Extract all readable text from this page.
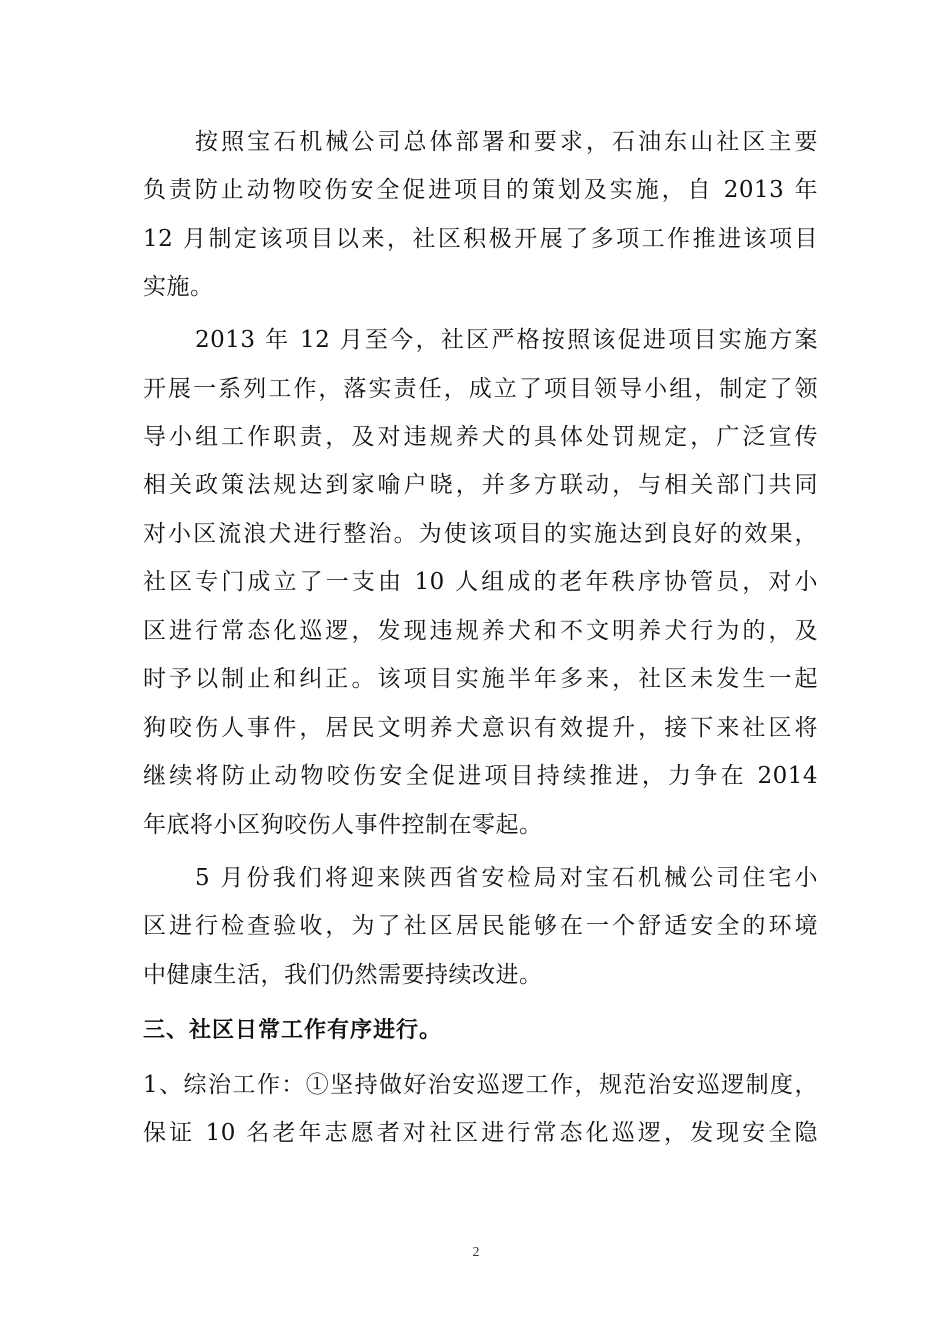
按照宝石机械公司总体部署和要求，石油东山社区主要
负责防止动物咬伤安全促进项目的策划及实施，自 2013 年
12 月制定该项目以来，社区积极开展了多项工作推进该项目
实施。
2013 年 12 月至今，社区严格按照该促进项目实施方案
开展一系列工作，落实责任，成立了项目领导小组，制定了领
导小组工作职责，及对违规养犬的具体处罚规定，广泛宣传
相关政策法规达到家喻户晓，并多方联动，与相关部门共同
对小区流浪犬进行整治。为使该项目的实施达到良好的效果，
社区专门成立了一支由 10 人组成的老年秩序协管员，对小
区进行常态化巡逻，发现违规养犬和不文明养犬行为的，及
时予以制止和纠正。该项目实施半年多来，社区未发生一起
狗咬伤人事件，居民文明养犬意识有效提升，接下来社区将
继续将防止动物咬伤安全促进项目持续推进，力争在 2014
年底将小区狗咬伤人事件控制在零起。
5 月份我们将迎来陕西省安检局对宝石机械公司住宅小
区进行检查验收，为了社区居民能够在一个舒适安全的环境
中健康生活，我们仍然需要持续改进。
三、社区日常工作有序进行。
1、综治工作：①坚持做好治安巡逻工作，规范治安巡逻制度，
保证 10 名老年志愿者对社区进行常态化巡逻，发现安全隐
2
